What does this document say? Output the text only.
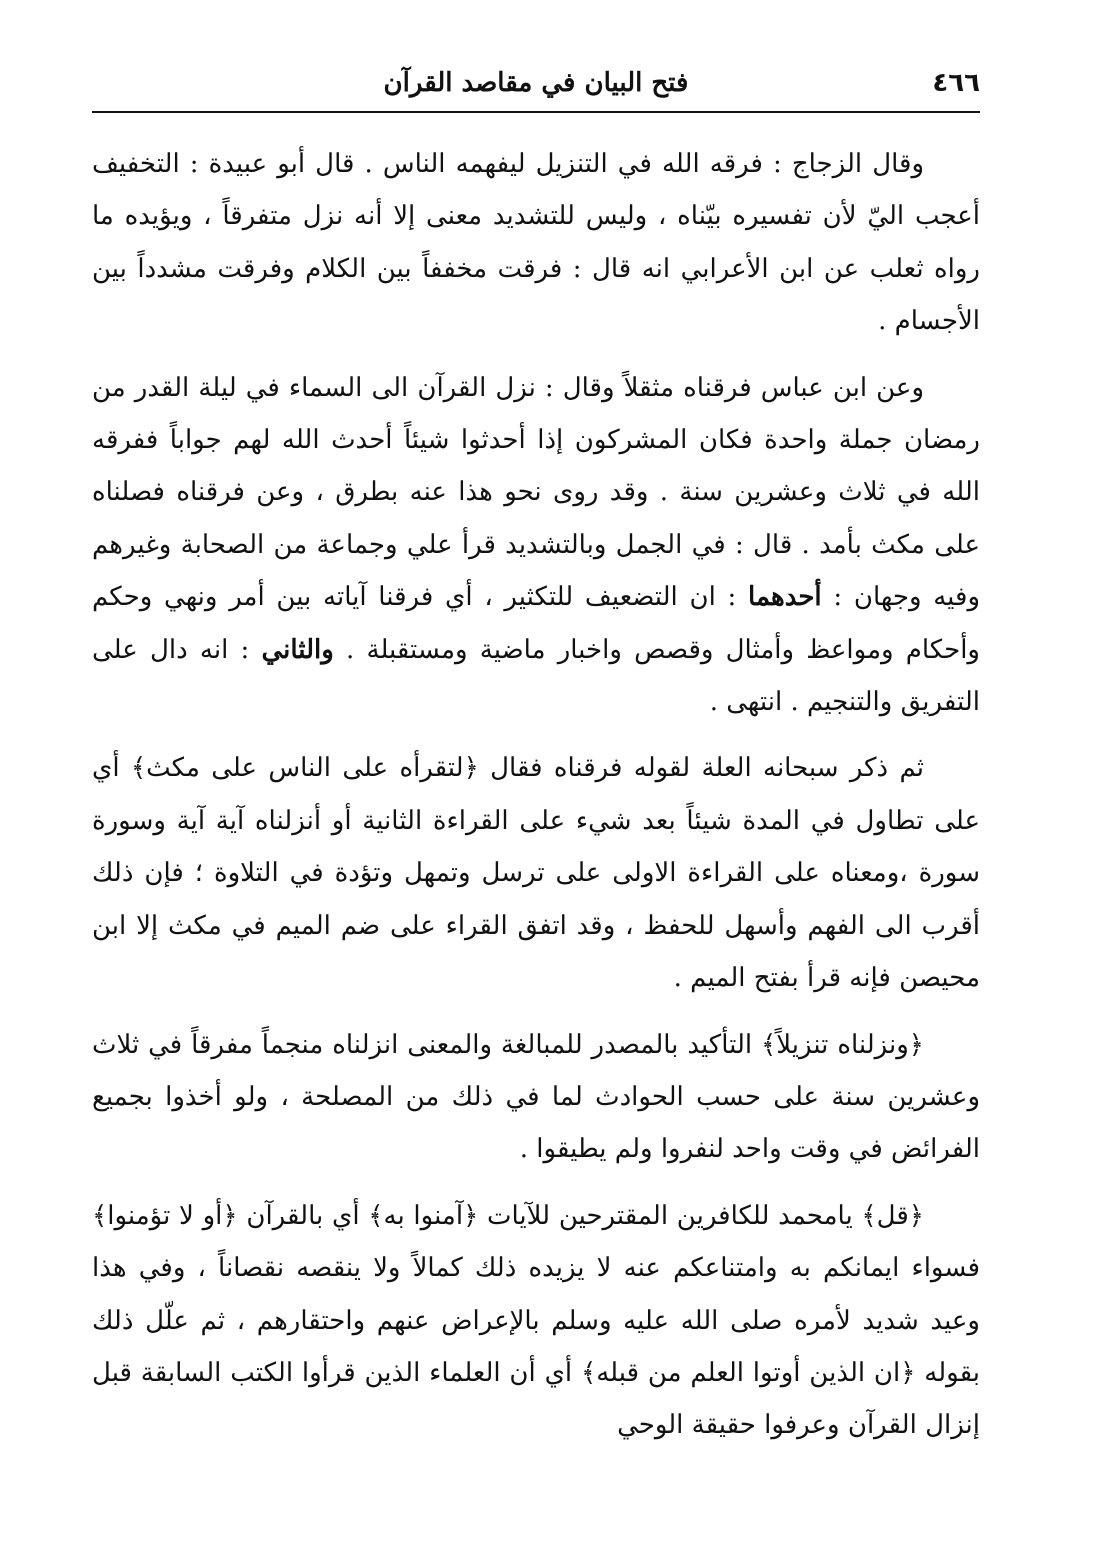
٤٦٦
فتح البيان في مقاصد القرآن

وقال الزجاج : فرقه الله في التنزيل ليفهمه الناس . قال أبو عبيدة : التخفيف أعجب اليّ لأن تفسيره بيّناه ، وليس للتشديد معنى إلا أنه نزل متفرقاً ، ويؤيده ما رواه ثعلب عن ابن الأعرابي انه قال : فرقت مخففاً بين الكلام وفرقت مشدداً بين الأجسام .

وعن ابن عباس فرقناه مثقلاً وقال : نزل القرآن الى السماء في ليلة القدر من رمضان جملة واحدة فكان المشركون إذا أحدثوا شيئاً أحدث الله لهم جواباً ففرقه الله في ثلاث وعشرين سنة . وقد روى نحو هذا عنه بطرق ، وعن فرقناه فصلناه على مكث بأمد . قال : في الجمل وبالتشديد قرأ علي وجماعة من الصحابة وغيرهم وفيه وجهان : أحدهما : ان التضعيف للتكثير ، أي فرقنا آياته بين أمر ونهي وحكم وأحكام ومواعظ وأمثال وقصص واخبار ماضية ومستقبلة . والثاني : انه دال على التفريق والتنجيم . انتهى .

ثم ذكر سبحانه العلة لقوله فرقناه فقال ﴿لتقرأه على الناس على مكث﴾ أي على تطاول في المدة شيئاً بعد شيء على القراءة الثانية أو أنزلناه آية آية وسورة سورة ،ومعناه على القراءة الاولى على ترسل وتمهل وتؤدة في التلاوة ؛ فإن ذلك أقرب الى الفهم وأسهل للحفظ ، وقد اتفق القراء على ضم الميم في مكث إلا ابن محيصن فإنه قرأ بفتح الميم .

﴿ونزلناه تنزيلاً﴾ التأكيد بالمصدر للمبالغة والمعنى انزلناه منجماً مفرقاً في ثلاث وعشرين سنة على حسب الحوادث لما في ذلك من المصلحة ، ولو أخذوا بجميع الفرائض في وقت واحد لنفروا ولم يطيقوا .

﴿قل﴾ يامحمد للكافرين المقترحين للآيات ﴿آمنوا به﴾ أي بالقرآن ﴿أو لا تؤمنوا﴾ فسواء ايمانكم به وامتناعكم عنه لا يزيده ذلك كمالاً ولا ينقصه نقصاناً ، وفي هذا وعيد شديد لأمره صلى الله عليه وسلم بالإعراض عنهم واحتقارهم ، ثم علّل ذلك بقوله ﴿ان الذين أوتوا العلم من قبله﴾ أي أن العلماء الذين قرأوا الكتب السابقة قبل إنزال القرآن وعرفوا حقيقة الوحي
